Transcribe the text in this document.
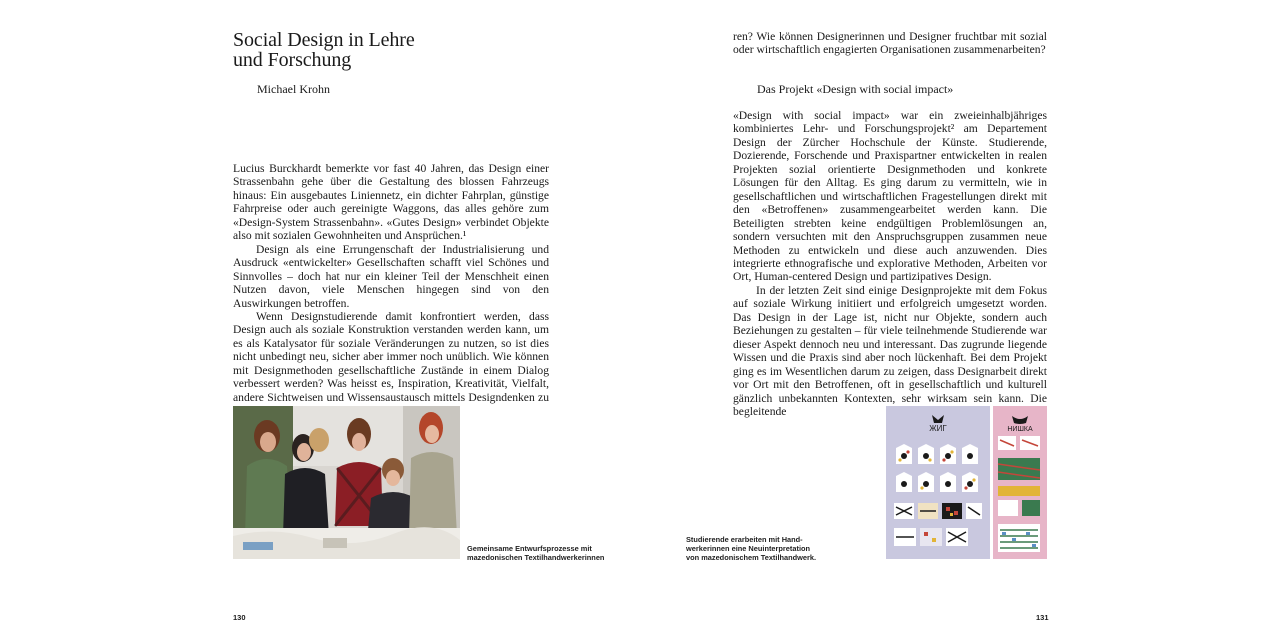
Social Design in Lehre
und Forschung
Michael Krohn

Lucius Burckhardt bemerkte vor fast 40 Jahren, das Design einer Strassenbahn gehe über die Gestaltung des blossen Fahrzeugs hinaus: Ein ausgebautes Liniennetz, ein dichter Fahrplan, günstige Fahrpreise oder auch gereinigte Waggons, das alles gehöre zum «Design-System Strassenbahn». «Gutes Design» verbindet Objekte also mit sozialen Gewohnheiten und Ansprüchen.¹

Design als eine Errungenschaft der Industrialisierung und Ausdruck «entwickelter» Gesellschaften schafft viel Schönes und Sinnvolles – doch hat nur ein kleiner Teil der Menschheit einen Nutzen davon, viele Menschen hingegen sind von den Auswirkungen betroffen.

Wenn Designstudierende damit konfrontiert werden, dass Design auch als soziale Konstruktion verstanden werden kann, um es als Katalysator für soziale Veränderungen zu nutzen, so ist dies nicht unbedingt neu, sicher aber immer noch unüblich. Wie können mit Designmethoden gesellschaftliche Zustände in einem Dialog verbessert werden? Was heisst es, Inspiration, Kreativität, Vielfalt, andere Sichtweisen und Wissensaustausch mittels Designdenken zu

Gemeinsame Entwurfsprozesse mit
mazedonischen Textilhandwerkerinnen
130

ren? Wie können Designerinnen und Designer fruchtbar mit sozial oder wirtschaftlich engagierten Organisationen zusammenarbeiten?

Das Projekt «Design with social impact»

«Design with social impact» war ein zweieinhalbjähriges kombiniertes Lehr- und Forschungsprojekt² am Departement Design der Zürcher Hochschule der Künste. Studierende, Dozierende, Forschende und Praxispartner entwickelten in realen Projekten sozial orientierte Designmethoden und konkrete Lösungen für den Alltag. Es ging darum zu vermitteln, wie in gesellschaftlichen und wirtschaftlichen Fragestellungen direkt mit den «Betroffenen» zusammengearbeitet werden kann. Die Beteiligten strebten keine endgültigen Problemlösungen an, sondern versuchten mit den Anspruchsgruppen zusammen neue Methoden zu entwickeln und diese auch anzuwenden. Dies integrierte ethnografische und explorative Methoden, Arbeiten vor Ort, Human-centered Design und partizipatives Design.

In der letzten Zeit sind einige Designprojekte mit dem Fokus auf soziale Wirkung initiiert und erfolgreich umgesetzt worden. Das Design in der Lage ist, nicht nur Objekte, sondern auch Beziehungen zu gestalten – für viele teilnehmende Studierende war dieser Aspekt dennoch neu und interessant. Das zugrunde liegende Wissen und die Praxis sind aber noch lückenhaft. Bei dem Projekt ging es im Wesentlichen darum zu zeigen, dass Designarbeit direkt vor Ort mit den Betroffenen, oft in gesellschaftlich und kulturell gänzlich unbekannten Kontexten, sehr wirksam sein kann. Die begleitende

Studierende erarbeiten mit Hand-
werkerinnen eine Neuinterpretation
von mazedonischem Textilhandwerk.
ЖИГ	НИШКА
131
